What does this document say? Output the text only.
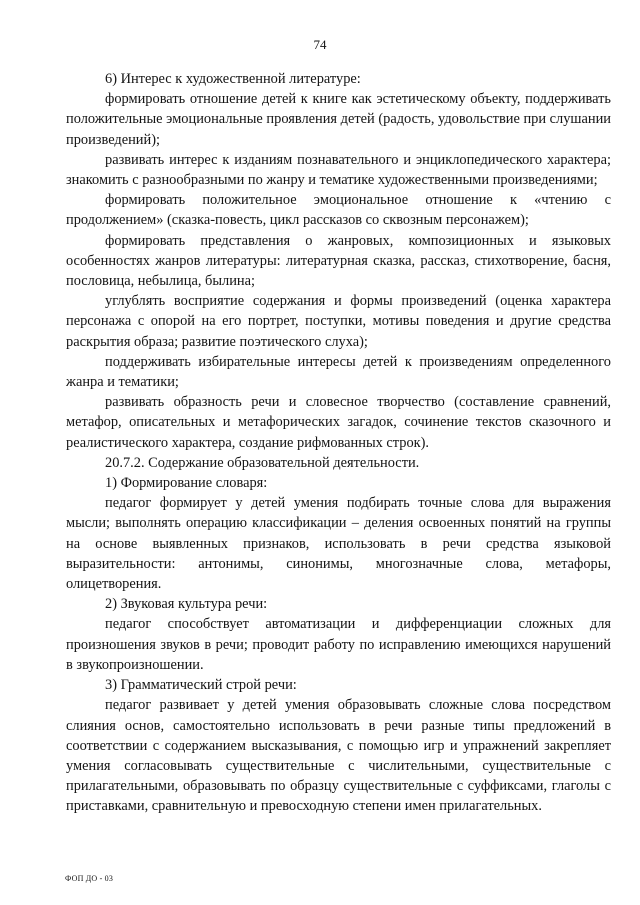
74

6) Интерес к художественной литературе:

формировать отношение детей к книге как эстетическому объекту, поддерживать положительные эмоциональные проявления детей (радость, удовольствие при слушании произведений);

развивать интерес к изданиям познавательного и энциклопедического характера; знакомить с разнообразными по жанру и тематике художественными произведениями;

формировать положительное эмоциональное отношение к «чтению с продолжением» (сказка-повесть, цикл рассказов со сквозным персонажем);

формировать представления о жанровых, композиционных и языковых особенностях жанров литературы: литературная сказка, рассказ, стихотворение, басня, пословица, небылица, былина;

углублять восприятие содержания и формы произведений (оценка характера персонажа с опорой на его портрет, поступки, мотивы поведения и другие средства раскрытия образа; развитие поэтического слуха);

поддерживать избирательные интересы детей к произведениям определенного жанра и тематики;

развивать образность речи и словесное творчество (составление сравнений, метафор, описательных и метафорических загадок, сочинение текстов сказочного и реалистического характера, создание рифмованных строк).

20.7.2. Содержание образовательной деятельности.

1) Формирование словаря:

педагог формирует у детей умения подбирать точные слова для выражения мысли; выполнять операцию классификации – деления освоенных понятий на группы на основе выявленных признаков, использовать в речи средства языковой выразительности: антонимы, синонимы, многозначные слова, метафоры, олицетворения.

2) Звуковая культура речи:

педагог способствует автоматизации и дифференциации сложных для произношения звуков в речи; проводит работу по исправлению имеющихся нарушений в звукопроизношении.

3) Грамматический строй речи:

педагог развивает у детей умения образовывать сложные слова посредством слияния основ, самостоятельно использовать в речи разные типы предложений в соответствии с содержанием высказывания, с помощью игр и упражнений закрепляет умения согласовывать существительные с числительными, существительные с прилагательными, образовывать по образцу существительные с суффиксами, глаголы с приставками, сравнительную и превосходную степени имен прилагательных.

ФОП ДО - 03
